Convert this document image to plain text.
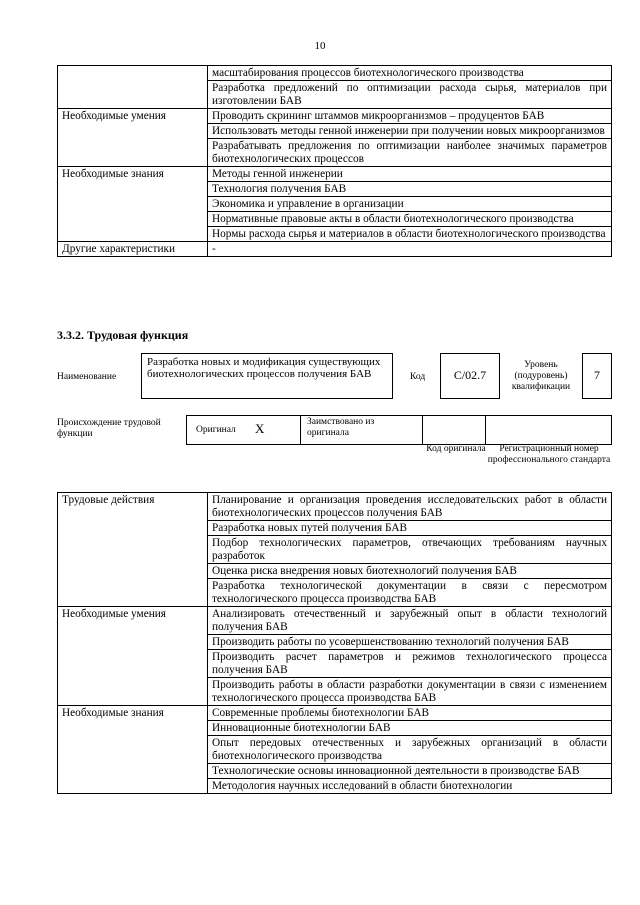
10
	масштабирования процессов биотехнологического производства
	Разработка предложений по оптимизации расхода сырья, материалов при изготовлении БАВ
Необходимые умения	Проводить скрининг штаммов микроорганизмов – продуцентов БАВ
	Использовать методы генной инженерии при получении новых микроорганизмов
	Разрабатывать предложения по оптимизации наиболее значимых параметров биотехнологических процессов
Необходимые знания	Методы генной инженерии
	Технология получения БАВ
	Экономика и управление в организации
	Нормативные правовые акты в области биотехнологического производства
	Нормы расхода сырья и материалов в области биотехнологического производства
Другие характеристики	-
3.3.2. Трудовая функция
Наименование
Разработка новых и модификация существующих биотехнологических процессов получения БАВ	Код	С/02.7
Уровень (подуровень) квалификации
7
Происхождение трудовой функции	Оригинал X	Заимствовано из оригинала
Код оригинала	Регистрационный номер профессионального стандарта
Трудовые действия	Планирование и организация проведения исследовательских работ в области биотехнологических процессов получения БАВ
	Разработка новых путей получения БАВ
	Подбор технологических параметров, отвечающих требованиям научных разработок
	Оценка риска внедрения новых биотехнологий получения БАВ
	Разработка технологической документации в связи с пересмотром технологического процесса производства БАВ
Необходимые умения	Анализировать отечественный и зарубежный опыт в области технологий получения БАВ
	Производить работы по усовершенствованию технологий получения БАВ
	Производить расчет параметров и режимов технологического процесса получения БАВ
	Производить работы в области разработки документации в связи с изменением технологического процесса производства БАВ
Необходимые знания	Современные проблемы биотехнологии БАВ
	Инновационные биотехнологии БАВ
	Опыт передовых отечественных и зарубежных организаций в области биотехнологического производства
	Технологические основы инновационной деятельности в производстве БАВ
	Методология научных исследований в области биотехнологии
